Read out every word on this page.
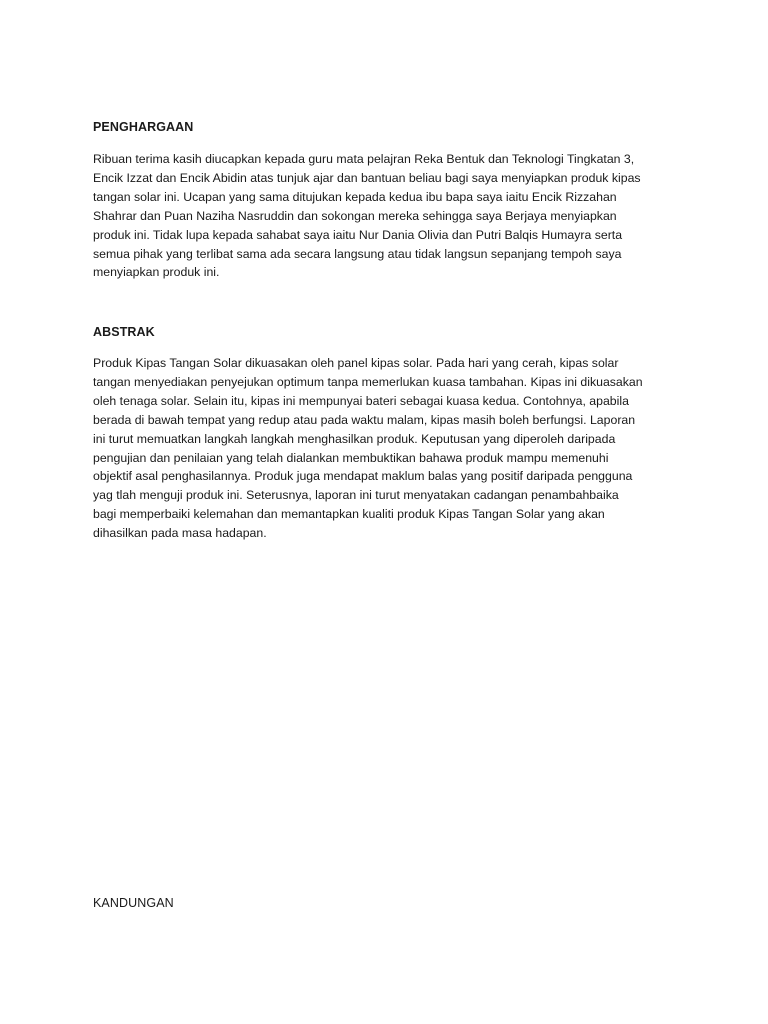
PENGHARGAAN

Ribuan terima kasih diucapkan kepada guru mata pelajran Reka Bentuk dan Teknologi Tingkatan 3,
Encik Izzat dan Encik Abidin atas tunjuk ajar dan bantuan beliau bagi saya menyiapkan produk kipas
tangan solar ini. Ucapan yang sama ditujukan kepada kedua ibu bapa saya iaitu Encik Rizzahan
Shahrar dan Puan Naziha Nasruddin dan sokongan mereka sehingga saya Berjaya menyiapkan
produk ini. Tidak lupa kepada sahabat saya iaitu Nur Dania Olivia dan Putri Balqis Humayra serta
semua pihak yang terlibat sama ada secara langsung atau tidak langsun sepanjang tempoh saya
menyiapkan produk ini.

ABSTRAK

Produk Kipas Tangan Solar dikuasakan oleh panel kipas solar. Pada hari yang cerah, kipas solar
tangan menyediakan penyejukan optimum tanpa memerlukan kuasa tambahan. Kipas ini dikuasakan
oleh tenaga solar. Selain itu, kipas ini mempunyai bateri sebagai kuasa kedua. Contohnya, apabila
berada di bawah tempat yang redup atau pada waktu malam, kipas masih boleh berfungsi. Laporan
ini turut memuatkan langkah langkah menghasilkan produk. Keputusan yang diperoleh daripada
pengujian dan penilaian yang telah dialankan membuktikan bahawa produk mampu memenuhi
objektif asal penghasilannya. Produk juga mendapat maklum balas yang positif daripada pengguna
yag tlah menguji produk ini. Seterusnya, laporan ini turut menyatakan cadangan penambahbaika
bagi memperbaiki kelemahan dan memantapkan kualiti produk Kipas Tangan Solar yang akan
dihasilkan pada masa hadapan.

KANDUNGAN
